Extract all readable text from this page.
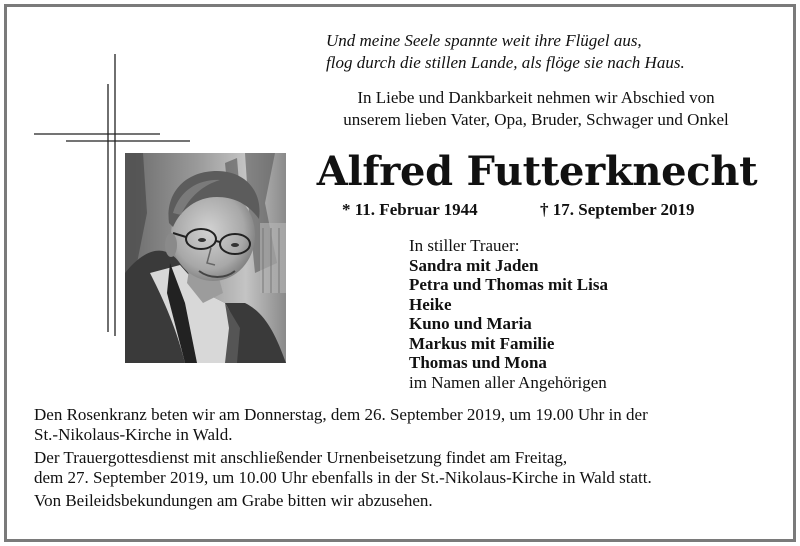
Und meine Seele spannte weit ihre Flügel aus,
flog durch die stillen Lande, als flöge sie nach Haus.
In Liebe und Dankbarkeit nehmen wir Abschied von
unserem lieben Vater, Opa, Bruder, Schwager und Onkel
Alfred Futterknecht
* 11. Februar 1944	† 17. September 2019
In stiller Trauer:
Sandra mit Jaden
Petra und Thomas mit Lisa
Heike
Kuno und Maria
Markus mit Familie
Thomas und Mona
im Namen aller Angehörigen

Den Rosenkranz beten wir am Donnerstag, dem 26. September 2019, um 19.00 Uhr in der
St.-Nikolaus-Kirche in Wald.

Der Trauergottesdienst mit anschließender Urnenbeisetzung findet am Freitag,
dem 27. September 2019, um 10.00 Uhr ebenfalls in der St.-Nikolaus-Kirche in Wald statt.

Von Beileidsbekundungen am Grabe bitten wir abzusehen.
